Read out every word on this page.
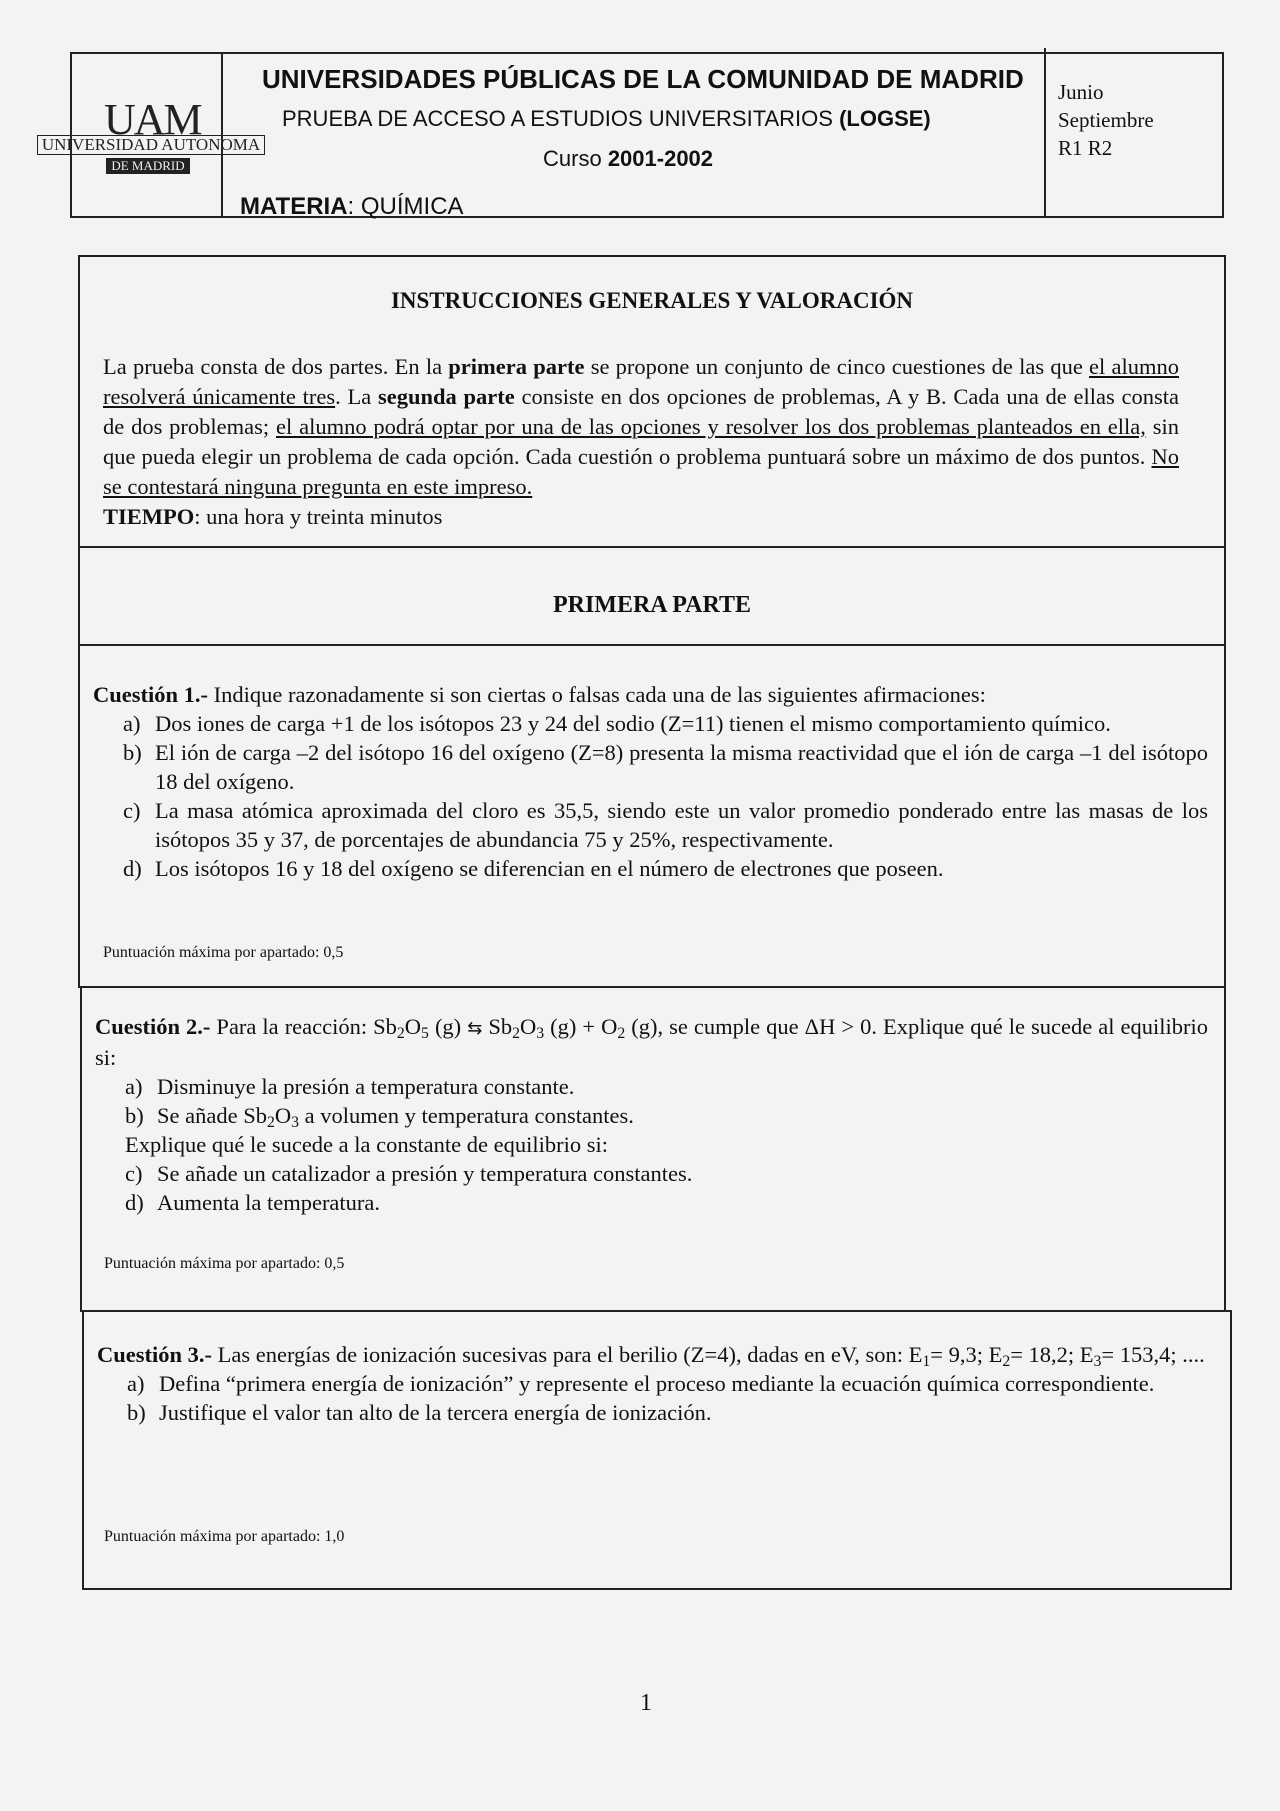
UAM
UNIVERSIDAD AUTONOMA
DE MADRID
UNIVERSIDADES PÚBLICAS DE LA COMUNIDAD DE MADRID
PRUEBA DE ACCESO A ESTUDIOS UNIVERSITARIOS (LOGSE)
Curso 2001-2002
MATERIA: QUÍMICA
Junio
Septiembre
R1 R2
INSTRUCCIONES GENERALES Y VALORACIÓN
La prueba consta de dos partes. En la primera parte se propone un conjunto de cinco cuestiones de las que el alumno resolverá únicamente tres. La segunda parte consiste en dos opciones de problemas, A y B. Cada una de ellas consta de dos problemas; el alumno podrá optar por una de las opciones y resolver los dos problemas planteados en ella, sin que pueda elegir un problema de cada opción. Cada cuestión o problema puntuará sobre un máximo de dos puntos. No se contestará ninguna pregunta en este impreso.
TIEMPO: una hora y treinta minutos
PRIMERA PARTE
Cuestión 1.- Indique razonadamente si son ciertas o falsas cada una de las siguientes afirmaciones:
a) Dos iones de carga +1 de los isótopos 23 y 24 del sodio (Z=11) tienen el mismo comportamiento químico.
b) El ión de carga –2 del isótopo 16 del oxígeno (Z=8) presenta la misma reactividad que el ión de carga –1 del isótopo 18 del oxígeno.
c) La masa atómica aproximada del cloro es 35,5, siendo este un valor promedio ponderado entre las masas de los isótopos 35 y 37, de porcentajes de abundancia 75 y 25%, respectivamente.
d) Los isótopos 16 y 18 del oxígeno se diferencian en el número de electrones que poseen.
Puntuación máxima por apartado: 0,5
Cuestión 2.- Para la reacción: $Sb_2O_5$ (g) ⇆ $Sb_2O_3$ $(g) + O_2$ (g), se cumple que ΔH > 0. Explique qué le sucede al equilibrio si:
a) Disminuye la presión a temperatura constante.
b) Se añade $Sb_2O_3$ a volumen y temperatura constantes.
Explique qué le sucede a la constante de equilibrio si:
c) Se añade un catalizador a presión y temperatura constantes.
d) Aumenta la temperatura.
Puntuación máxima por apartado: 0,5
Cuestión 3.- Las energías de ionización sucesivas para el berilio (Z=4), dadas en eV, son: $E_1= 9,3$; $E_2= 18,2$; $E_3= 153,4$; ....
a) Defina “primera energía de ionización” y represente el proceso mediante la ecuación química correspondiente.
b) Justifique el valor tan alto de la tercera energía de ionización.
Puntuación máxima por apartado: 1,0
1
